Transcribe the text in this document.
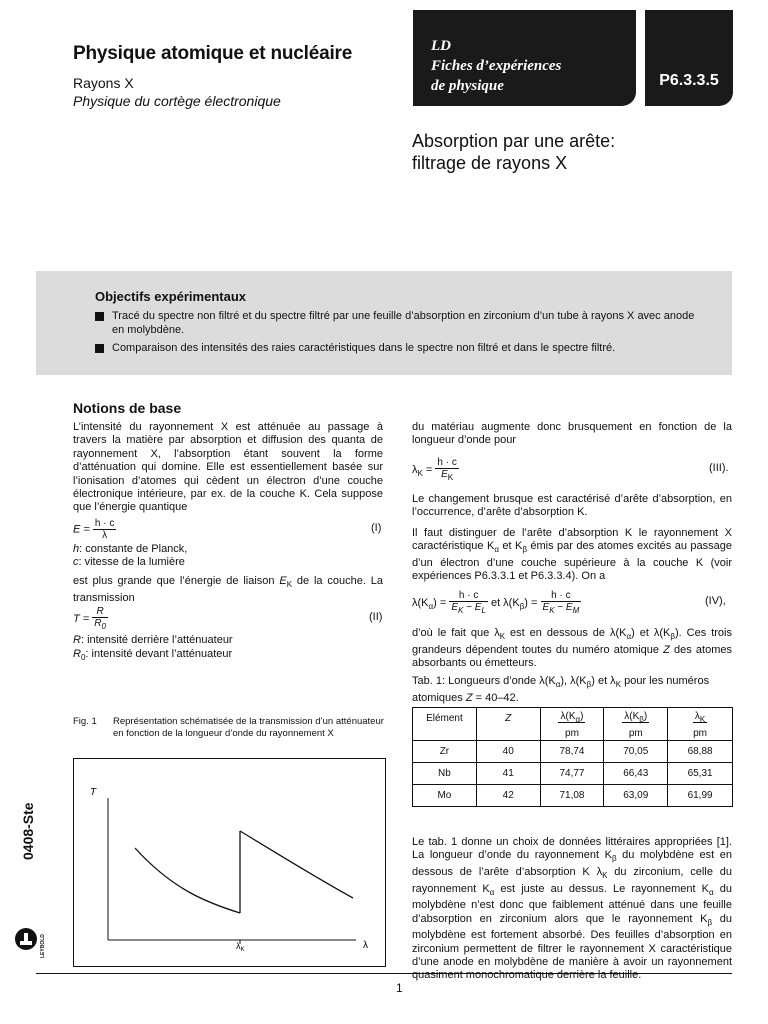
Physique atomique et nucléaire
Rayons X
Physique du cortège électronique
LD
Fiches d’expériences
de physique	P6.3.3.5
Absorption par une arête:
filtrage de rayons X
Objectifs expérimentaux
Tracé du spectre non filtré et du spectre filtré par une feuille d’absorption en zirconium d’un tube à rayons X avec anode
en molybdène.
Comparaison des intensités des raies caractéristiques dans le spectre non filtré et dans le spectre filtré.
Notions de base
L’intensité du rayonnement X est atténuée au passage à travers la matière par absorption et diffusion des quanta de rayonnement X, l’absorption étant souvent la forme d’atténuation qui domine. Elle est essentiellement basée sur l’ionisation d’atomes qui cèdent un électron d’une couche électronique intérieure, par ex. de la couche K. Cela suppose que l’énergie quantique
$E = \frac{h \cdot c}{\lambda}$	(I)
h: constante de Planck,
c: vitesse de la lumière
est plus grande que l’énergie de liaison $E_K$ de la couche. La transmission
$T = \frac{R}{R_0}$	(II)
R: intensité derrière l’atténuateur
$R_0$: intensité devant l’atténuateur
Fig. 1 Représentation schématisée de la transmission d’un atténuateur en fonction de la longueur d’onde du rayonnement X
T
$\lambda_K$	λ
du matériau augmente donc brusquement en fonction de la longueur d’onde pour
$\lambda_K = \frac{h \cdot c}{E_K}$	(III).
Le changement brusque est caractérisé d’arête d’absorption, en l’occurrence, d’arête d’absorption K.
Il faut distinguer de l’arête d’absorption K le rayonnement X caractéristique $K_\alpha$ et $K_\beta$ émis par des atomes excités au passage d’un électron d’une couche supérieure à la couche K (voir expériences P6.3.3.1 et P6.3.3.4). On a
$\lambda(K_\alpha) = \frac{h \cdot c}{E_K - E_L}$ et $\lambda(K_\beta) = \frac{h \cdot c}{E_K - E_M}$	(IV),
d’où le fait que $\lambda_K$ est en dessous de $\lambda(K_\alpha)$ et $\lambda(K_\beta)$. Ces trois grandeurs dépendent toutes du numéro atomique Z des atomes absorbants ou émetteurs.
Tab. 1: Longueurs d’onde $\lambda(K_\alpha)$, $\lambda(K_\beta)$ et $\lambda_K$ pour les numéros atomiques Z = 40–42.
Elément	Z	$\lambda(K_\alpha)$	$\lambda(K_\beta)$	$\lambda_K$
		pm	pm	pm
Zr	40	78,74	70,05	68,88
Nb	41	74,77	66,43	65,31
Mo	42	71,08	63,09	61,99
Le tab. 1 donne un choix de données littéraires appropriées [1]. La longueur d’onde du rayonnement $K_\beta$ du molybdène est en dessous de l’arête d’absorption K $\lambda_K$ du zirconium, celle du rayonnement $K_\alpha$ est juste au dessus. Le rayonnement $K_\alpha$ du molybdène n’est donc que faiblement atténué dans une feuille d’absorption en zirconium alors que le rayonnement $K_\beta$ du molybdène est fortement absorbé. Des feuilles d’absorption en zirconium permettent de filtrer le rayonnement X caractéristique d’une anode en molybdène de manière à avoir un rayonnement quasiment monochromatique derrière la feuille.
1
0408-Ste
LEYBOLD
